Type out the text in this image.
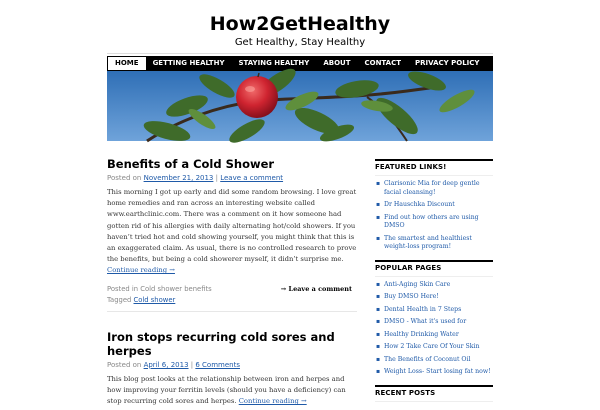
How2GetHealthy
Get Healthy, Stay Healthy
HOME	GETTING HEALTHY	STAYING HEALTHY	ABOUT	CONTACT	PRIVACY POLICY
Benefits of a Cold Shower
Posted on November 21, 2013 | Leave a comment
This morning I got up early and did some random browsing. I love great home remedies and ran across an interesting website called www.earthclinic.com. There was a comment on it how someone had gotten rid of his allergies with daily alternating hot/cold showers. If you haven’t tried hot and cold showing yourself, you might think that this is an exaggerated claim. As usual, there is no controlled research to prove the benefits, but being a cold showerer myself, it didn’t surprise me. Continue reading →
Posted in Cold shower benefits
Tagged Cold shower
→ Leave a comment
Iron stops recurring cold sores and herpes
Posted on April 6, 2013 | 6 Comments
This blog post looks at the relationship between iron and herpes and how improving your ferritin levels (should you have a deficiency) can stop recurring cold sores and herpes. Continue reading →
FEATURED LINKS!
▪ Clarisonic Mia for deep gentle facial cleansing!
▪ Dr Hauschka Discount
▪ Find out how others are using DMSO
▪ The smartest and healthiest weight-loss program!
POPULAR PAGES
▪ Anti-Aging Skin Care
▪ Buy DMSO Here!
▪ Dental Health in 7 Steps
▪ DMSO - What it's used for
▪ Healthy Drinking Water
▪ How 2 Take Care Of Your Skin
▪ The Benefits of Coconut Oil
▪ Weight Loss- Start losing fat now!
RECENT POSTS
